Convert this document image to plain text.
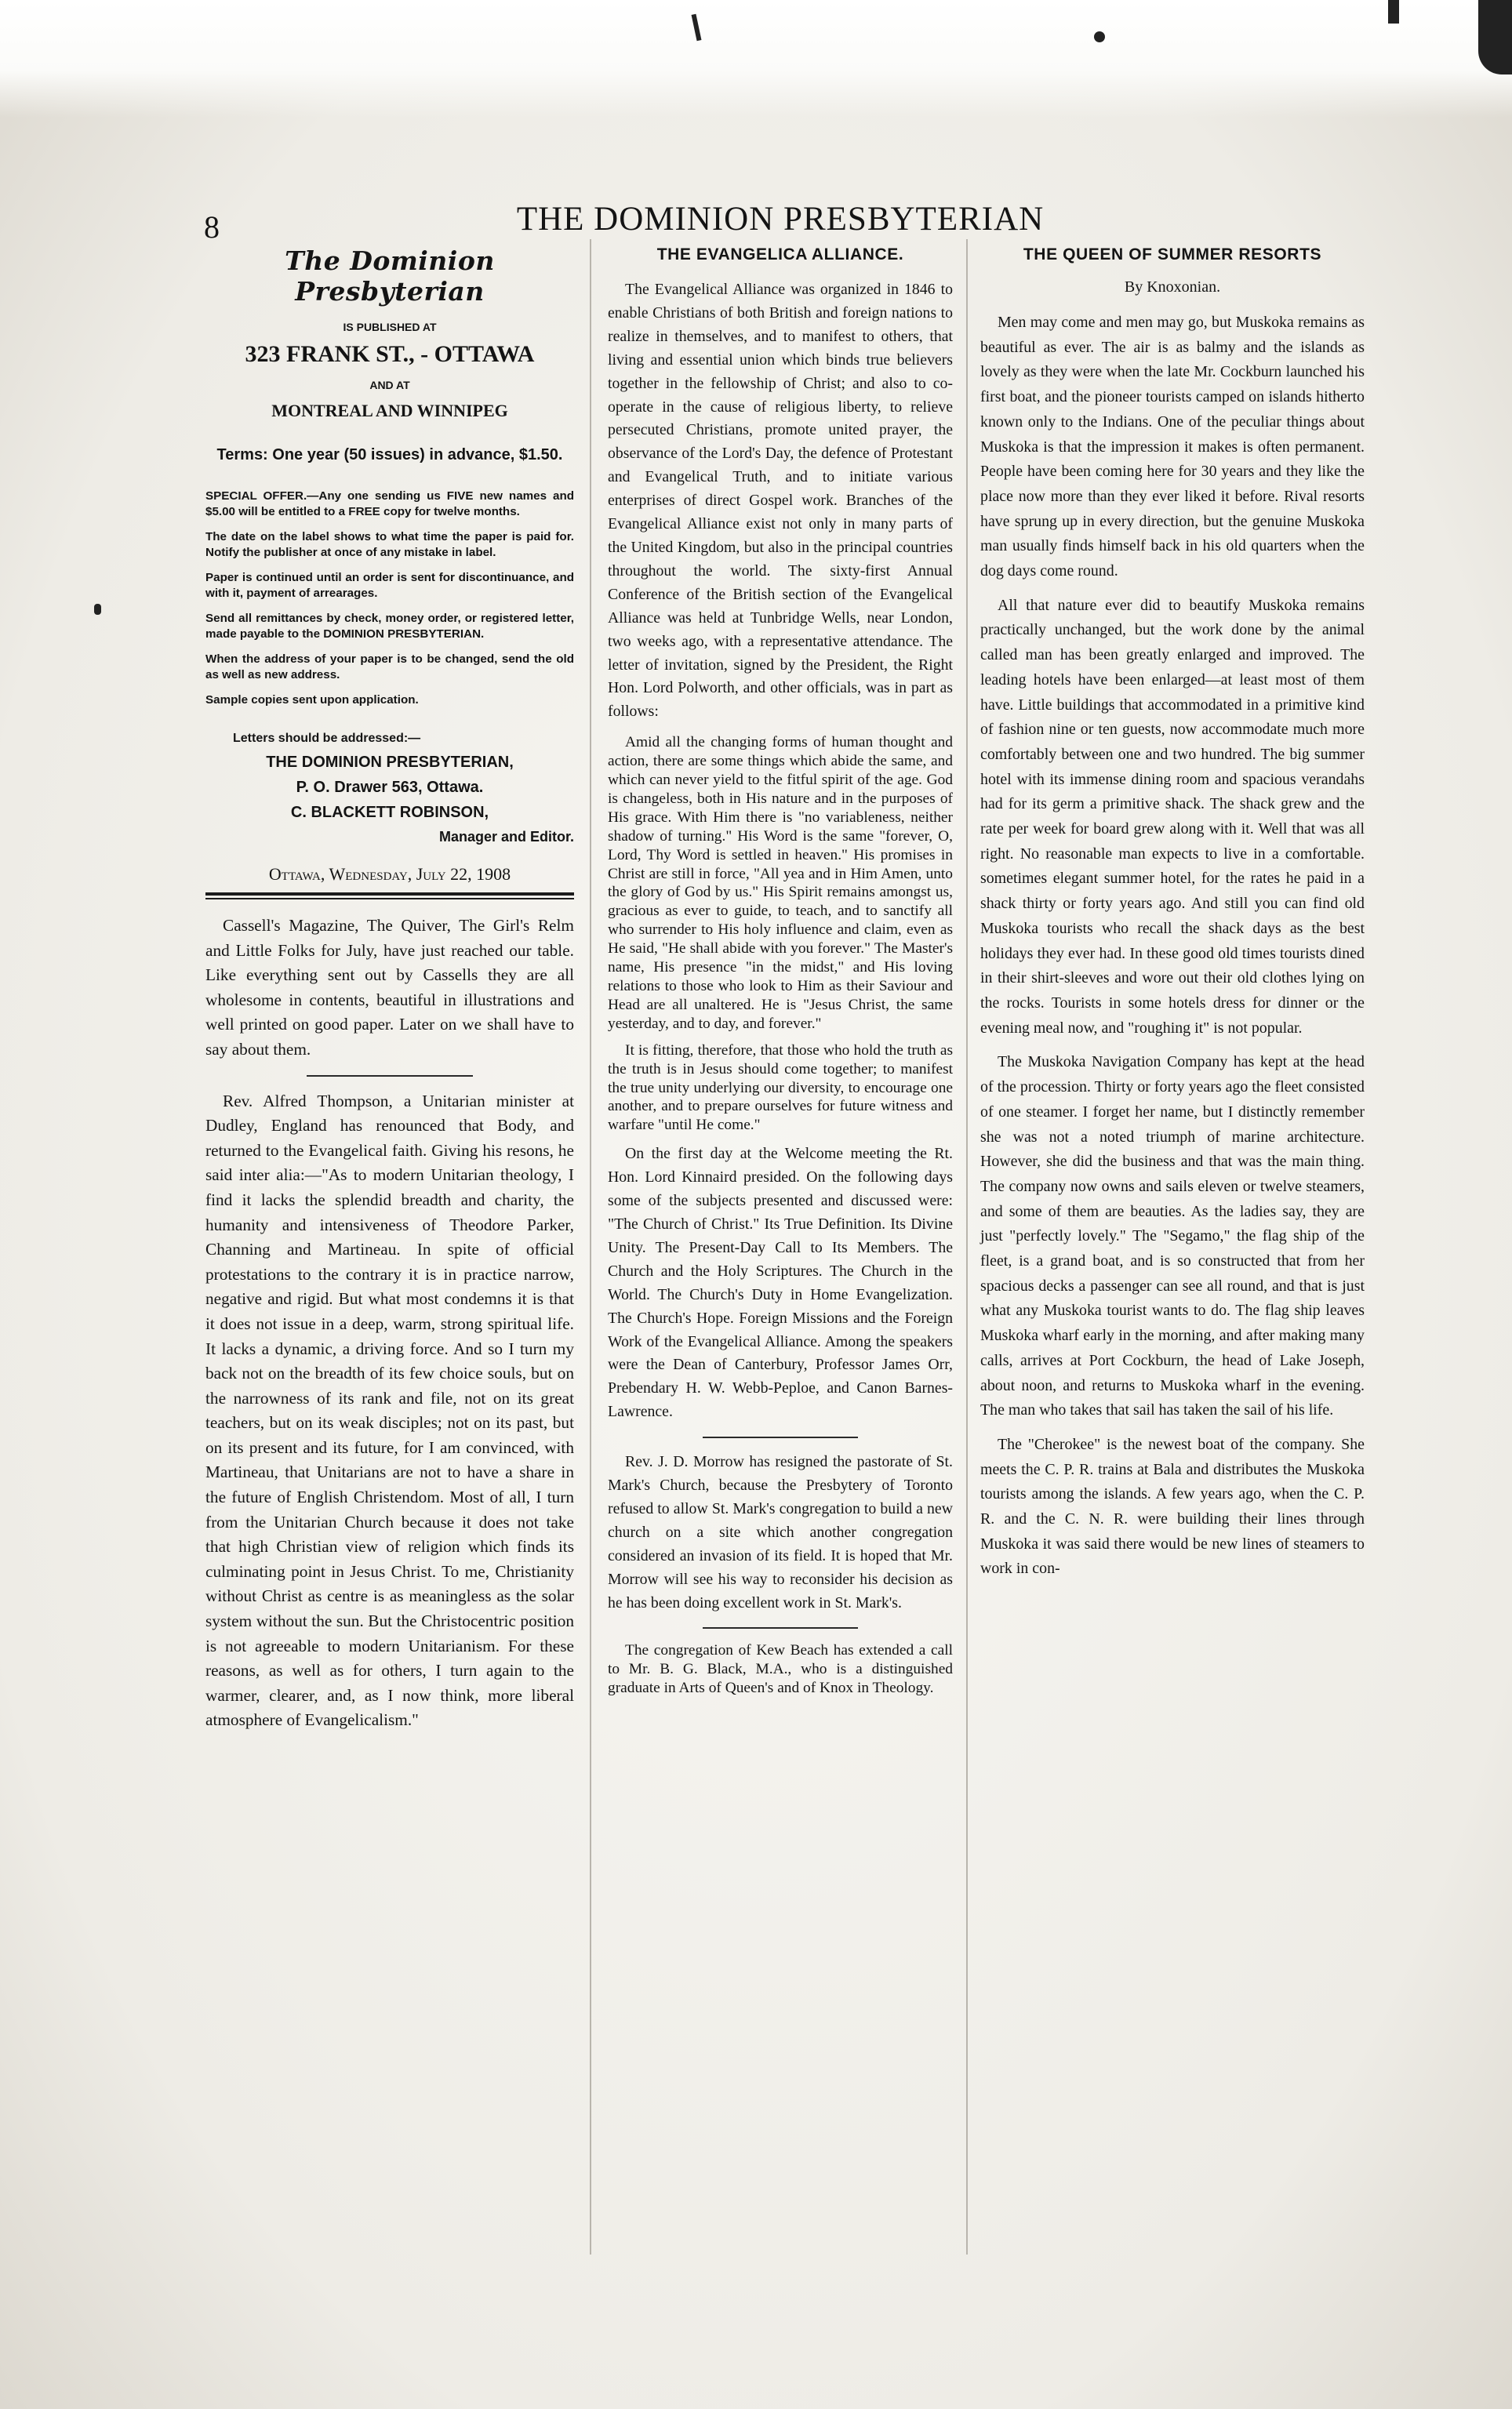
8	THE DOMINION PRESBYTERIAN
The Dominion Presbyterian
IS PUBLISHED AT
323 FRANK ST., - OTTAWA
AND AT
MONTREAL AND WINNIPEG
Terms: One year (50 issues) in advance, $1.50.

SPECIAL OFFER.—Any one sending us FIVE new names and $5.00 will be entitled to a FREE copy for twelve months.

The date on the label shows to what time the paper is paid for. Notify the publisher at once of any mistake in label.

Paper is continued until an order is sent for discontinuance, and with it, payment of arrearages.

Send all remittances by check, money order, or registered letter, made payable to the DOMINION PRESBYTERIAN.

When the address of your paper is to be changed, send the old as well as new address.

Sample copies sent upon application.

Letters should be addressed:—
THE DOMINION PRESBYTERIAN,
P. O. Drawer 563, Ottawa.
C. BLACKETT ROBINSON,
Manager and Editor.
Ottawa, Wednesday, July 22, 1908

Cassell's Magazine, The Quiver, The Girl's Relm and Little Folks for July, have just reached our table. Like everything sent out by Cassells they are all wholesome in contents, beautiful in illustrations and well printed on good paper. Later on we shall have to say about them.

Rev. Alfred Thompson, a Unitarian minister at Dudley, England has renounced that Body, and returned to the Evangelical faith. Giving his resons, he said inter alia:—"As to modern Unitarian theology, I find it lacks the splendid breadth and charity, the humanity and intensiveness of Theodore Parker, Channing and Martineau. In spite of official protestations to the contrary it is in practice narrow, negative and rigid. But what most condemns it is that it does not issue in a deep, warm, strong spiritual life. It lacks a dynamic, a driving force. And so I turn my back not on the breadth of its few choice souls, but on the narrowness of its rank and file, not on its great teachers, but on its weak disciples; not on its past, but on its present and its future, for I am convinced, with Martineau, that Unitarians are not to have a share in the future of English Christendom. Most of all, I turn from the Unitarian Church because it does not take that high Christian view of religion which finds its culminating point in Jesus Christ. To me, Christianity without Christ as centre is as meaningless as the solar system without the sun. But the Christocentric position is not agreeable to modern Unitarianism. For these reasons, as well as for others, I turn again to the warmer, clearer, and, as I now think, more liberal atmosphere of Evangelicalism."

THE EVANGELICA ALLIANCE.

The Evangelical Alliance was organized in 1846 to enable Christians of both British and foreign nations to realize in themselves, and to manifest to others, that living and essential union which binds true believers together in the fellowship of Christ; and also to co-operate in the cause of religious liberty, to relieve persecuted Christians, promote united prayer, the observance of the Lord's Day, the defence of Protestant and Evangelical Truth, and to initiate various enterprises of direct Gospel work. Branches of the Evangelical Alliance exist not only in many parts of the United Kingdom, but also in the principal countries throughout the world. The sixty-first Annual Conference of the British section of the Evangelical Alliance was held at Tunbridge Wells, near London, two weeks ago, with a representative attendance. The letter of invitation, signed by the President, the Right Hon. Lord Polworth, and other officials, was in part as follows:

Amid all the changing forms of human thought and action, there are some things which abide the same, and which can never yield to the fitful spirit of the age. God is changeless, both in His nature and in the purposes of His grace. With Him there is "no variableness, neither shadow of turning." His Word is the same "forever, O, Lord, Thy Word is settled in heaven." His promises in Christ are still in force, "All yea and in Him Amen, unto the glory of God by us." His Spirit remains amongst us, gracious as ever to guide, to teach, and to sanctify all who surrender to His holy influence and claim, even as He said, "He shall abide with you forever." The Master's name, His presence "in the midst," and His loving relations to those who look to Him as their Saviour and Head are all unaltered. He is "Jesus Christ, the same yesterday, and to day, and forever."

It is fitting, therefore, that those who hold the truth as the truth is in Jesus should come together; to manifest the true unity underlying our diversity, to encourage one another, and to prepare ourselves for future witness and warfare "until He come."

On the first day at the Welcome meeting the Rt. Hon. Lord Kinnaird presided. On the following days some of the subjects presented and discussed were: "The Church of Christ." Its True Definition. Its Divine Unity. The Present-Day Call to Its Members. The Church and the Holy Scriptures. The Church in the World. The Church's Duty in Home Evangelization. The Church's Hope. Foreign Missions and the Foreign Work of the Evangelical Alliance. Among the speakers were the Dean of Canterbury, Professor James Orr, Prebendary H. W. Webb-Peploe, and Canon Barnes-Lawrence.

Rev. J. D. Morrow has resigned the pastorate of St. Mark's Church, because the Presbytery of Toronto refused to allow St. Mark's congregation to build a new church on a site which another congregation considered an invasion of its field. It is hoped that Mr. Morrow will see his way to reconsider his decision as he has been doing excellent work in St. Mark's.

The congregation of Kew Beach has extended a call to Mr. B. G. Black, M.A., who is a distinguished graduate in Arts of Queen's and of Knox in Theology.

THE QUEEN OF SUMMER RESORTS
By Knoxonian.

Men may come and men may go, but Muskoka remains as beautiful as ever. The air is as balmy and the islands as lovely as they were when the late Mr. Cockburn launched his first boat, and the pioneer tourists camped on islands hitherto known only to the Indians. One of the peculiar things about Muskoka is that the impression it makes is often permanent. People have been coming here for 30 years and they like the place now more than they ever liked it before. Rival resorts have sprung up in every direction, but the genuine Muskoka man usually finds himself back in his old quarters when the dog days come round.

All that nature ever did to beautify Muskoka remains practically unchanged, but the work done by the animal called man has been greatly enlarged and improved. The leading hotels have been enlarged—at least most of them have. Little buildings that accommodated in a primitive kind of fashion nine or ten guests, now accommodate much more comfortably between one and two hundred. The big summer hotel with its immense dining room and spacious verandahs had for its germ a primitive shack. The shack grew and the rate per week for board grew along with it. Well that was all right. No reasonable man expects to live in a comfortable. sometimes elegant summer hotel, for the rates he paid in a shack thirty or forty years ago. And still you can find old Muskoka tourists who recall the shack days as the best holidays they ever had. In these good old times tourists dined in their shirt-sleeves and wore out their old clothes lying on the rocks. Tourists in some hotels dress for dinner or the evening meal now, and "roughing it" is not popular.

The Muskoka Navigation Company has kept at the head of the procession. Thirty or forty years ago the fleet consisted of one steamer. I forget her name, but I distinctly remember she was not a noted triumph of marine architecture. However, she did the business and that was the main thing. The company now owns and sails eleven or twelve steamers, and some of them are beauties. As the ladies say, they are just "perfectly lovely." The "Segamo," the flag ship of the fleet, is a grand boat, and is so constructed that from her spacious decks a passenger can see all round, and that is just what any Muskoka tourist wants to do. The flag ship leaves Muskoka wharf early in the morning, and after making many calls, arrives at Port Cockburn, the head of Lake Joseph, about noon, and returns to Muskoka wharf in the evening. The man who takes that sail has taken the sail of his life.

The "Cherokee" is the newest boat of the company. She meets the C. P. R. trains at Bala and distributes the Muskoka tourists among the islands. A few years ago, when the C. P. R. and the C. N. R. were building their lines through Muskoka it was said there would be new lines of steamers to work in con-
